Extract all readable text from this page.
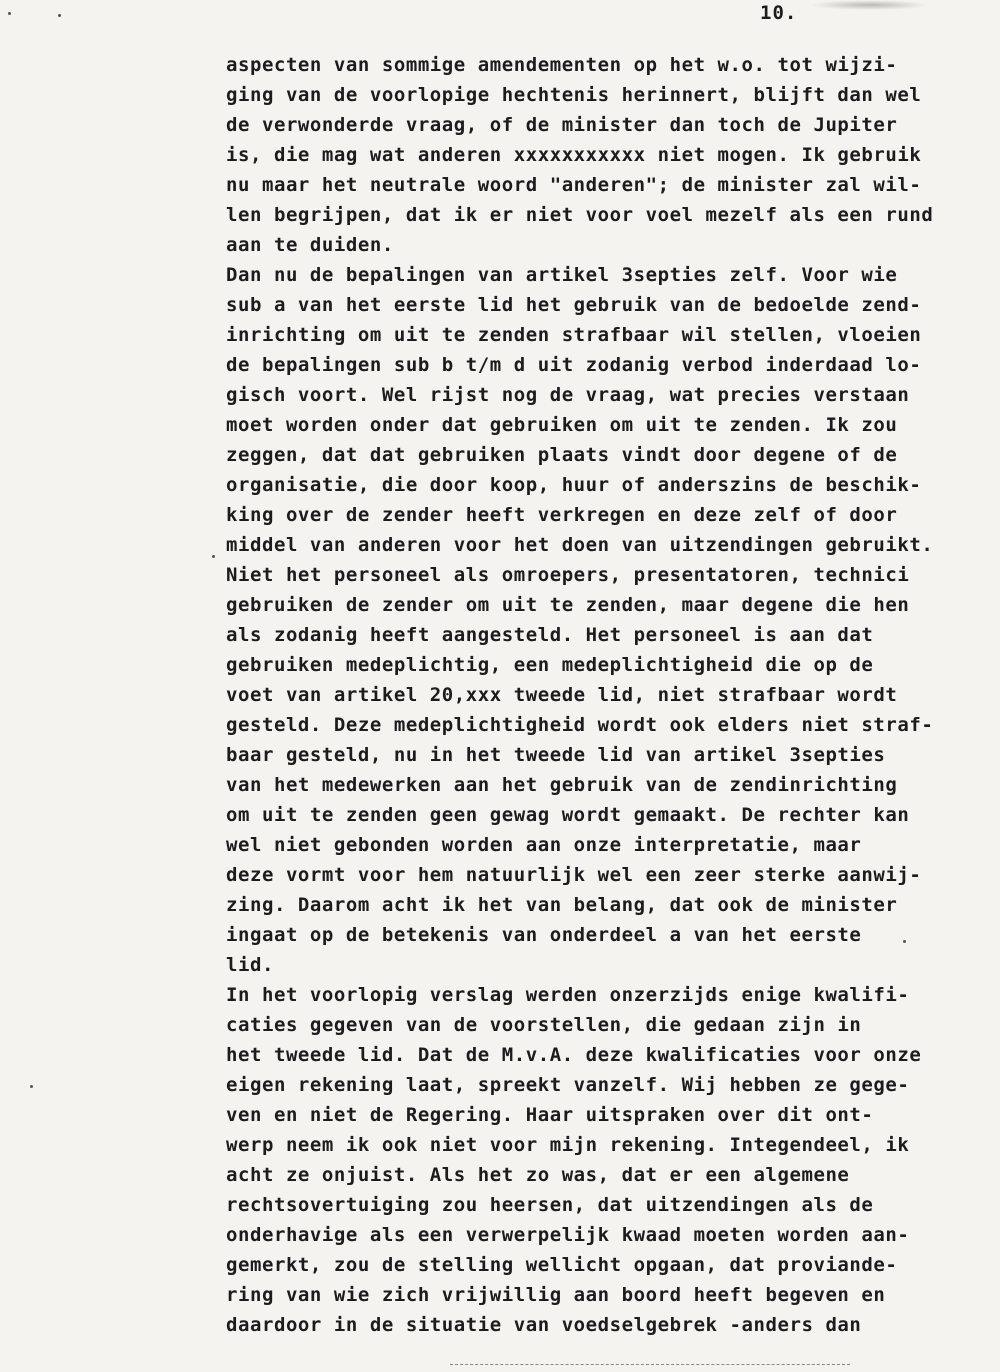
10.
aspecten van sommige amendementen op het w.o. tot wijzi-
ging van de voorlopige hechtenis herinnert, blijft dan wel
de verwonderde vraag, of de minister dan toch de Jupiter
is, die mag wat anderen xxxxxxxxxxx niet mogen. Ik gebruik
nu maar het neutrale woord "anderen"; de minister zal wil-
len begrijpen, dat ik er niet voor voel mezelf als een rund
aan te duiden.
Dan nu de bepalingen van artikel 3septies zelf. Voor wie
sub a van het eerste lid het gebruik van de bedoelde zend-
inrichting om uit te zenden strafbaar wil stellen, vloeien
de bepalingen sub b t/m d uit zodanig verbod inderdaad lo-
gisch voort. Wel rijst nog de vraag, wat precies verstaan
moet worden onder dat gebruiken om uit te zenden. Ik zou
zeggen, dat dat gebruiken plaats vindt door degene of de
organisatie, die door koop, huur of anderszins de beschik-
king over de zender heeft verkregen en deze zelf of door
middel van anderen voor het doen van uitzendingen gebruikt.
Niet het personeel als omroepers, presentatoren, technici
gebruiken de zender om uit te zenden, maar degene die hen
als zodanig heeft aangesteld. Het personeel is aan dat
gebruiken medeplichtig, een medeplichtigheid die op de
voet van artikel 20,xxx tweede lid, niet strafbaar wordt
gesteld. Deze medeplichtigheid wordt ook elders niet straf-
baar gesteld, nu in het tweede lid van artikel 3septies
van het medewerken aan het gebruik van de zendinrichting
om uit te zenden geen gewag wordt gemaakt. De rechter kan
wel niet gebonden worden aan onze interpretatie, maar
deze vormt voor hem natuurlijk wel een zeer sterke aanwij-
zing. Daarom acht ik het van belang, dat ook de minister
ingaat op de betekenis van onderdeel a van het eerste
lid.
In het voorlopig verslag werden onzerzijds enige kwalifi-
caties gegeven van de voorstellen, die gedaan zijn in
het tweede lid. Dat de M.v.A. deze kwalificaties voor onze
eigen rekening laat, spreekt vanzelf. Wij hebben ze gege-
ven en niet de Regering. Haar uitspraken over dit ont-
werp neem ik ook niet voor mijn rekening. Integendeel, ik
acht ze onjuist. Als het zo was, dat er een algemene
rechtsovertuiging zou heersen, dat uitzendingen als de
onderhavige als een verwerpelijk kwaad moeten worden aan-
gemerkt, zou de stelling wellicht opgaan, dat proviande-
ring van wie zich vrijwillig aan boord heeft begeven en
daardoor in de situatie van voedselgebrek -anders dan
